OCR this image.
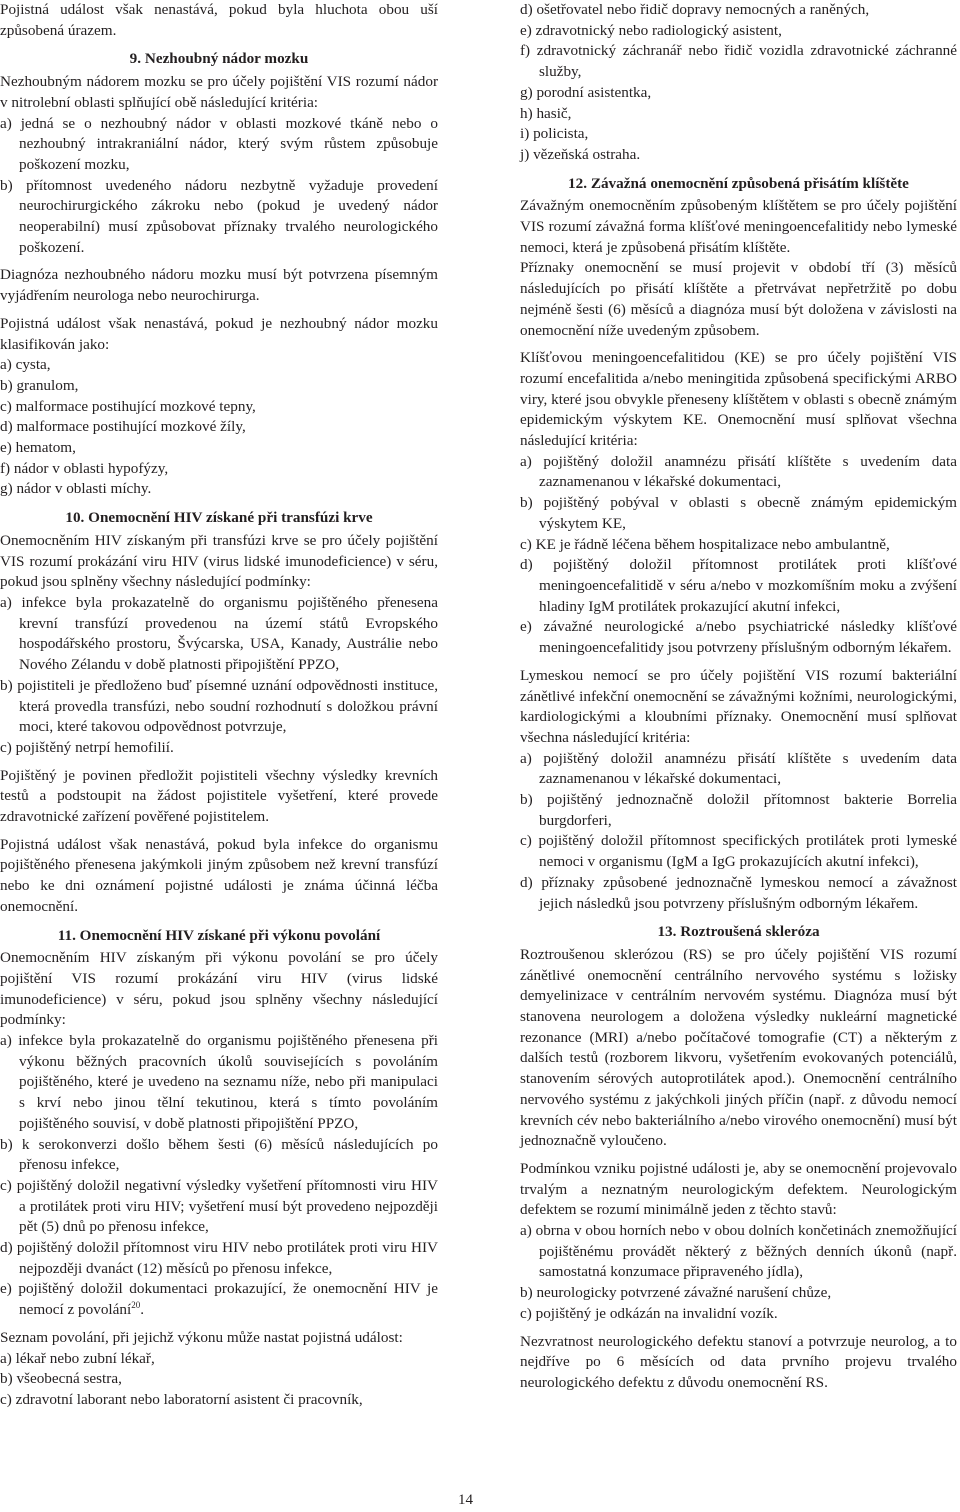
Pojistná událost však nenastává, pokud byla hluchota obou uší způsobená úrazem.

9. Nezhoubný nádor mozku

Nezhoubným nádorem mozku se pro účely pojištění VIS rozumí nádor v nitrolební oblasti splňující obě následující kritéria:

a) jedná se o nezhoubný nádor v oblasti mozkové tkáně nebo o nezhoubný intrakraniální nádor, který svým růstem způsobuje poškození mozku,

b) přítomnost uvedeného nádoru nezbytně vyžaduje provedení neurochirurgického zákroku nebo (pokud je uvedený nádor neoperabilní) musí způsobovat příznaky trvalého neurologického poškození.

Diagnóza nezhoubného nádoru mozku musí být potvrzena písemným vyjádřením neurologa nebo neurochirurga.

Pojistná událost však nenastává, pokud je nezhoubný nádor mozku klasifikován jako:

a) cysta,

b) granulom,

c) malformace postihující mozkové tepny,

d) malformace postihující mozkové žíly,

e) hematom,

f) nádor v oblasti hypofýzy,

g) nádor v oblasti míchy.

10. Onemocnění HIV získané při transfúzi krve

Onemocněním HIV získaným při transfúzi krve se pro účely pojištění VIS rozumí prokázání viru HIV (virus lidské imunodeficience) v séru, pokud jsou splněny všechny následující podmínky:

a) infekce byla prokazatelně do organismu pojištěného přenesena krevní transfúzí provedenou na území států Evropského hospodářského prostoru, Švýcarska, USA, Kanady, Austrálie nebo Nového Zélandu v době platnosti připojištění PPZO,

b) pojistiteli je předloženo buď písemné uznání odpovědnosti instituce, která provedla transfúzi, nebo soudní rozhodnutí s doložkou právní moci, které takovou odpovědnost potvrzuje,

c) pojištěný netrpí hemofilií.

Pojištěný je povinen předložit pojistiteli všechny výsledky krevních testů a podstoupit na žádost pojistitele vyšetření, které provede zdravotnické zařízení pověřené pojistitelem.

Pojistná událost však nenastává, pokud byla infekce do organismu pojištěného přenesena jakýmkoli jiným způsobem než krevní transfúzí nebo ke dni oznámení pojistné události je známa účinná léčba onemocnění.

11. Onemocnění HIV získané při výkonu povolání

Onemocněním HIV získaným při výkonu povolání se pro účely pojištění VIS rozumí prokázání viru HIV (virus lidské imunodeficience) v séru, pokud jsou splněny všechny následující podmínky:

a) infekce byla prokazatelně do organismu pojištěného přenesena při výkonu běžných pracovních úkolů souvisejících s povoláním pojištěného, které je uvedeno na seznamu níže, nebo při manipulaci s krví nebo jinou tělní tekutinou, která s tímto povoláním pojištěného souvisí, v době platnosti připojištění PPZO,

b) k serokonverzi došlo během šesti (6) měsíců následujících po přenosu infekce,

c) pojištěný doložil negativní výsledky vyšetření přítomnosti viru HIV a protilátek proti viru HIV; vyšetření musí být provedeno nejpozději pět (5) dnů po přenosu infekce,

d) pojištěný doložil přítomnost viru HIV nebo protilátek proti viru HIV nejpozději dvanáct (12) měsíců po přenosu infekce,

e) pojištěný doložil dokumentaci prokazující, že onemocnění HIV je nemocí z povolání$^{20}$.

Seznam povolání, při jejichž výkonu může nastat pojistná událost:

a) lékař nebo zubní lékař,

b) všeobecná sestra,

c) zdravotní laborant nebo laboratorní asistent či pracovník,

d) ošetřovatel nebo řidič dopravy nemocných a raněných,

e) zdravotnický nebo radiologický asistent,

f) zdravotnický záchranář nebo řidič vozidla zdravotnické záchranné služby,

g) porodní asistentka,

h) hasič,

i) policista,

j) vězeňská ostraha.

12. Závažná onemocnění způsobená přisátím klíštěte

Závažným onemocněním způsobeným klíštětem se pro účely pojištění VIS rozumí závažná forma klíšťové meningoencefalitidy nebo lymeské nemoci, která je způsobená přisátím klíštěte.

Příznaky onemocnění se musí projevit v období tří (3) měsíců následujících po přisátí klíštěte a přetrvávat nepřetržitě po dobu nejméně šesti (6) měsíců a diagnóza musí být doložena v závislosti na onemocnění níže uvedeným způsobem.

Klíšťovou meningoencefalitidou (KE) se pro účely pojištění VIS rozumí encefalitida a/nebo meningitida způsobená specifickými ARBO viry, které jsou obvykle přeneseny klíštětem v oblasti s obecně známým epidemickým výskytem KE. Onemocnění musí splňovat všechna následující kritéria:

a) pojištěný doložil anamnézu přisátí klíštěte s uvedením data zaznamenanou v lékařské dokumentaci,

b) pojištěný pobýval v oblasti s obecně známým epidemickým výskytem KE,

c) KE je řádně léčena během hospitalizace nebo ambulantně,

d) pojištěný doložil přítomnost protilátek proti klíšťové meningoencefalitidě v séru a/nebo v mozkomíšním moku a zvýšení hladiny IgM protilátek prokazující akutní infekci,

e) závažné neurologické a/nebo psychiatrické následky klíšťové meningoencefalitidy jsou potvrzeny příslušným odborným lékařem.

Lymeskou nemocí se pro účely pojištění VIS rozumí bakteriální zánětlivé infekční onemocnění se závažnými kožními, neurologickými, kardiologickými a kloubními příznaky. Onemocnění musí splňovat všechna následující kritéria:

a) pojištěný doložil anamnézu přisátí klíštěte s uvedením data zaznamenanou v lékařské dokumentaci,

b) pojištěný jednoznačně doložil přítomnost bakterie Borrelia burgdorferi,

c) pojištěný doložil přítomnost specifických protilátek proti lymeské nemoci v organismu (IgM a IgG prokazujících akutní infekci),

d) příznaky způsobené jednoznačně lymeskou nemocí a závažnost jejich následků jsou potvrzeny příslušným odborným lékařem.

13. Roztroušená skleróza

Roztroušenou sklerózou (RS) se pro účely pojištění VIS rozumí zánětlivé onemocnění centrálního nervového systému s ložisky demyelinizace v centrálním nervovém systému. Diagnóza musí být stanovena neurologem a doložena výsledky nukleární magnetické rezonance (MRI) a/nebo počítačové tomografie (CT) a některým z dalších testů (rozborem likvoru, vyšetřením evokovaných potenciálů, stanovením sérových autoprotilátek apod.). Onemocnění centrálního nervového systému z jakýchkoli jiných příčin (např. z důvodu nemocí krevních cév nebo bakteriálního a/nebo virového onemocnění) musí být jednoznačně vyloučeno.

Podmínkou vzniku pojistné události je, aby se onemocnění projevovalo trvalým a neznatným neurologickým defektem. Neurologickým defektem se rozumí minimálně jeden z těchto stavů:

a) obrna v obou horních nebo v obou dolních končetinách znemožňující pojištěnému provádět některý z běžných denních úkonů (např. samostatná konzumace připraveného jídla),

b) neurologicky potvrzené závažné narušení chůze,

c) pojištěný je odkázán na invalidní vozík.

Nezvratnost neurologického defektu stanoví a potvrzuje neurolog, a to nejdříve po 6 měsících od data prvního projevu trvalého neurologického defektu z důvodu onemocnění RS.

14
